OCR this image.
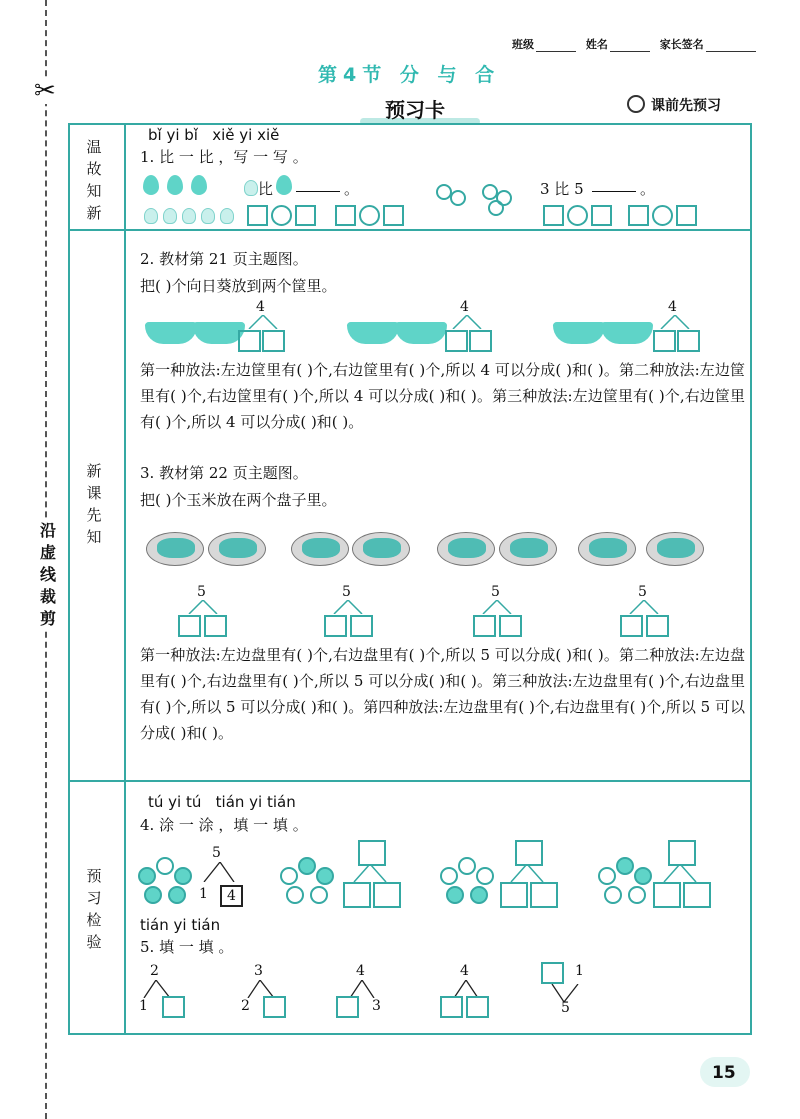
✂
沿虚线裁剪
班级	姓名	家长签名
第4节 分 与 合
预习卡	课前先预习
温故知新
新课先知
预习检验
bǐ yi bǐ   xiě yi xiě
1. 比 一 比 ，写 一 写 。
比	。	3 比 5	。
2. 教材第 21 页主题图。
把( )个向日葵放到两个筐里。
4	4	4
第一种放法:左边筐里有( )个,右边筐里有( )个,所以 4 可以分成( )和( )。第二种放法:左边筐里有( )个,右边筐里有( )个,所以 4 可以分成( )和( )。第三种放法:左边筐里有( )个,右边筐里有( )个,所以 4 可以分成( )和( )。
3. 教材第 22 页主题图。
把( )个玉米放在两个盘子里。
5	5	5	5
第一种放法:左边盘里有( )个,右边盘里有( )个,所以 5 可以分成( )和( )。第二种放法:左边盘里有( )个,右边盘里有( )个,所以 5 可以分成( )和( )。第三种放法:左边盘里有( )个,右边盘里有( )个,所以 5 可以分成( )和( )。第四种放法:左边盘里有( )个,右边盘里有( )个,所以 5 可以分成( )和( )。
tú yi tú   tián yi tián
4. 涂 一 涂 ，填 一 填 。
5
1	4
tián yi tián
5. 填 一 填 。
2
1
3
2
4
3
4	1
5
15
